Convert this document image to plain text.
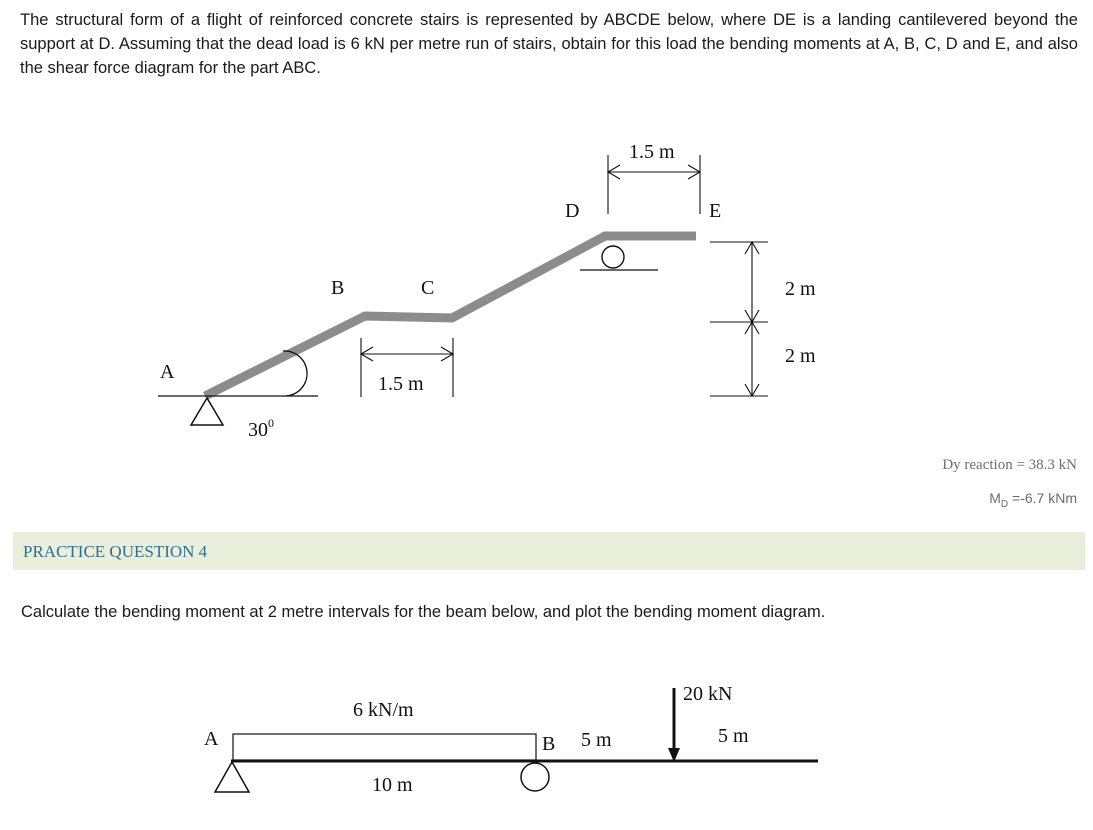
The structural form of a flight of reinforced concrete stairs is represented by ABCDE below, where DE is a landing cantilevered beyond the support at D. Assuming that the dead load is 6 kN per metre run of stairs, obtain for this load the bending moments at A, B, C, D and E, and also the shear force diagram for the part ABC.

A
B	C
D	E
$30^0$
1.5 m
1.5 m
2 m
2 m
A	B
6 kN/m
10 m
5 m
20 kN
5 m
Dy reaction = 38.3 kN
$M_D =-6.7$ kNm
PRACTICE QUESTION 4

Calculate the bending moment at 2 metre intervals for the beam below, and plot the bending moment diagram.
